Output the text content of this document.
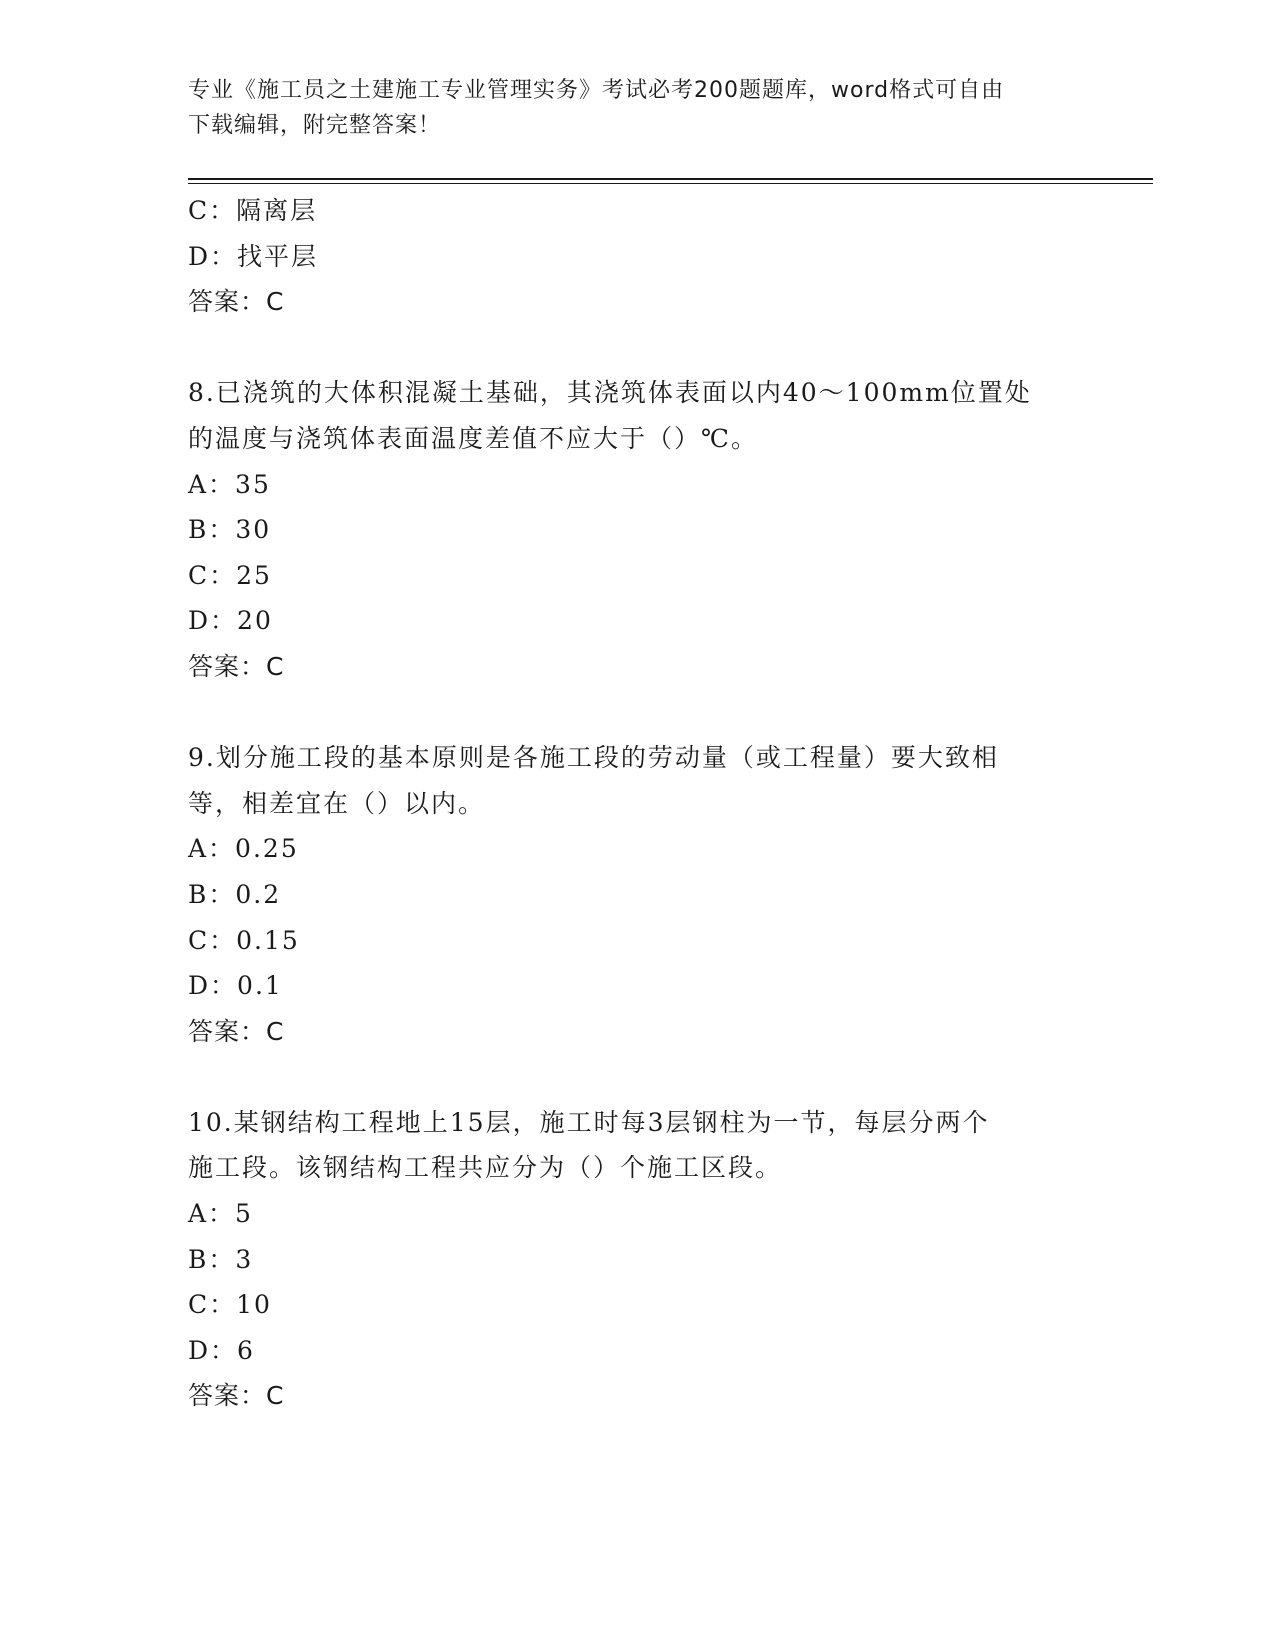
专业《施工员之土建施工专业管理实务》考试必考200题题库，word格式可自由
下载编辑，附完整答案！
C：隔离层
D：找平层
答案：C
8.已浇筑的大体积混凝土基础，其浇筑体表面以内40～100mm位置处
的温度与浇筑体表面温度差值不应大于（）℃。
A：35
B：30
C：25
D：20
答案：C
9.划分施工段的基本原则是各施工段的劳动量（或工程量）要大致相
等，相差宜在（）以内。
A：0.25
B：0.2
C：0.15
D：0.1
答案：C
10.某钢结构工程地上15层，施工时每3层钢柱为一节，每层分两个
施工段。该钢结构工程共应分为（）个施工区段。
A：5
B：3
C：10
D：6
答案：C
